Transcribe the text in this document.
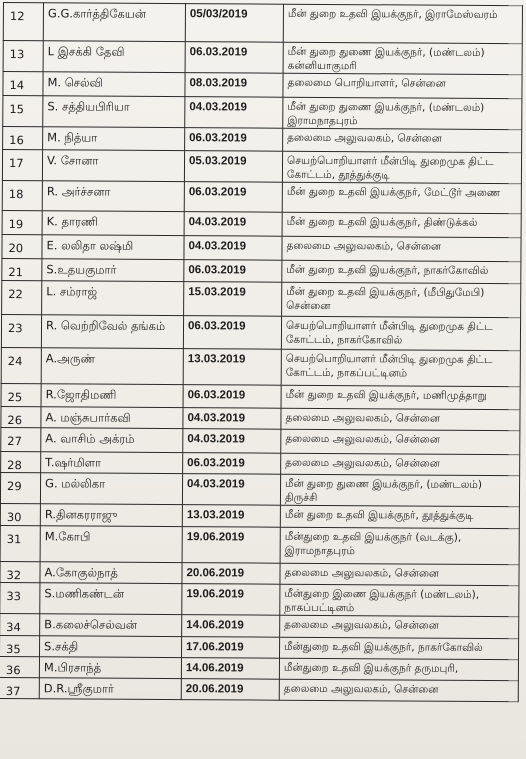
12	G.G.கார்த்திகேயன்	05/03/2019	மீன் துறை உதவி இயக்குநர், இராமேஸ்வரம்
13	L இசக்கி தேவி	06.03.2019	மீன் துறை துணை இயக்குநர், (மண்டலம்) கன்னியாகுமரி
14	M. செல்வி	08.03.2019	தலைமை பொறியாளர், சென்னை
15	S. சத்தியபிரியா	04.03.2019	மீன் துறை துணை இயக்குநர், (மண்டலம்) இராமநாதபுரம்
16	M. நித்யா	06.03.2019	தலைமை அலுவலகம், சென்னை
17	V. சோனா	05.03.2019	செயற்பொறியாளர் மீன்பிடி துறைமுக திட்ட கோட்டம், தூத்துக்குடி
18	R. அர்ச்சனா	06.03.2019	மீன் துறை உதவி இயக்குநர், மேட்டூர் அணை
19	K. தாரணி	04.03.2019	மீன் துறை உதவி இயக்குநர், திண்டுக்கல்
20	E. லலிதா லஷ்மி	04.03.2019	தலைமை அலுவலகம், சென்னை
21	S.உதயகுமார்	06.03.2019	மீன் துறை உதவி இயக்குநர், நாகர்கோவில்
22	L. சம்ராஜ்	15.03.2019	மீன் துறை உதவி இயக்குநர், (மீபிதுமேபி) சென்னை
23	R. வெற்றிவேல் தங்கம்	06.03.2019	செயற்பொறியாளர் மீன்பிடி துறைமுக திட்ட கோட்டம், நாகர்கோவில்
24	A.அருண்	13.03.2019	செயற்பொறியாளர் மீன்பிடி துறைமுக திட்ட கோட்டம், நாகப்பட்டினம்
25	R.ஜோதிமணி	06.03.2019	மீன் துறை உதவி இயக்குநர், மணிமுத்தாறு
26	A. மஞ்சுபார்கவி	04.03.2019	தலைமை அலுவலகம், சென்னை
27	A. வாசிம் அக்ரம்	04.03.2019	தலைமை அலுவலகம், சென்னை
28	T.ஷர்மிளா	06.03.2019	தலைமை அலுவலகம், சென்னை
29	G. மல்லிகா	04.03.2019	மீன் துறை துணை இயக்குநர், (மண்டலம்) திருச்சி
30	R.தினகரராஜு	13.03.2019	மீன் துறை உதவி இயக்குநர், தூத்துக்குடி
31	M.கோபி	19.06.2019	மீன்துறை உதவி இயக்குநர் (வடக்கு), இராமநாதபுரம்
32	A.கோகுல்நாத்	20.06.2019	தலைமை அலுவலகம், சென்னை
33	S.மணிகண்டன்	19.06.2019	மீன்துறை இணை இயக்குநர் (மண்டலம்), நாகப்பட்டினம்
34	B.கலைச்செல்வன்	14.06.2019	தலைமை அலுவலகம், சென்னை
35	S.சக்தி	17.06.2019	மீன்துறை உதவி இயக்குநர், நாகர்கோவில்
36	M.பிரசாந்த்	14.06.2019	மீன்துறை உதவி இயக்குநர் தருமபுரி,
37	D.R.ஸ்ரீகுமார்	20.06.2019	தலைமை அலுவலகம், சென்னை
